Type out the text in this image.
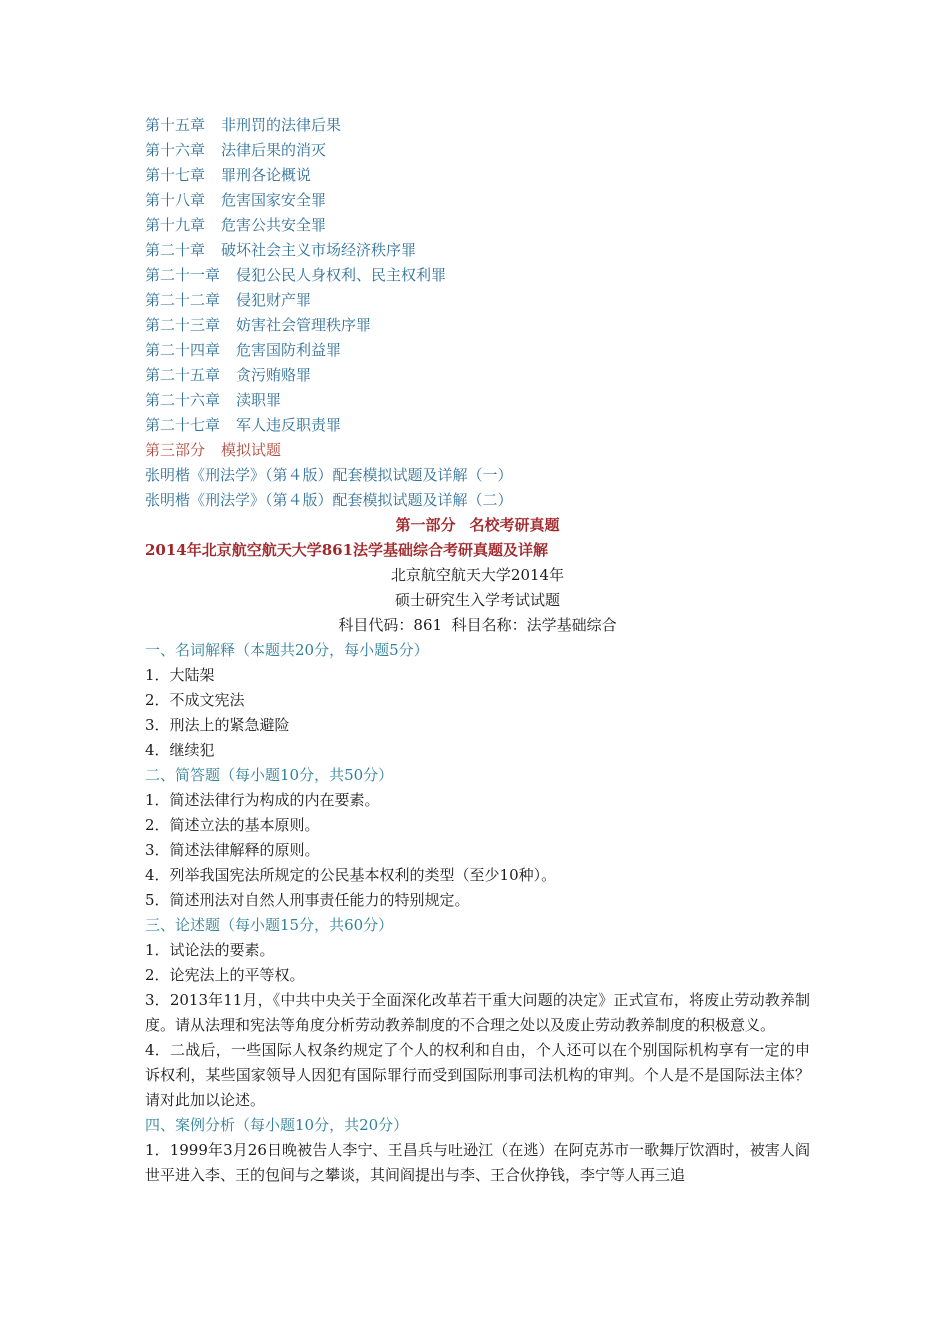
第十五章 非刑罚的法律后果
第十六章 法律后果的消灭
第十七章 罪刑各论概说
第十八章 危害国家安全罪
第十九章 危害公共安全罪
第二十章 破坏社会主义市场经济秩序罪
第二十一章 侵犯公民人身权利、民主权利罪
第二十二章 侵犯财产罪
第二十三章 妨害社会管理秩序罪
第二十四章 危害国防利益罪
第二十五章 贪污贿赂罪
第二十六章 渎职罪
第二十七章 军人违反职责罪
第三部分 模拟试题
张明楷《刑法学》（第４版）配套模拟试题及详解（一）
张明楷《刑法学》（第４版）配套模拟试题及详解（二）
第一部分 名校考研真题
2014年北京航空航天大学861法学基础综合考研真题及详解
北京航空航天大学2014年
硕士研究生入学考试试题
科目代码：861  科目名称：法学基础综合
一、名词解释（本题共20分，每小题5分）
1．大陆架
2．不成文宪法
3．刑法上的紧急避险
4．继续犯
二、简答题（每小题10分，共50分）
1．简述法律行为构成的内在要素。
2．简述立法的基本原则。
3．简述法律解释的原则。
4．列举我国宪法所规定的公民基本权利的类型（至少10种）。
5．简述刑法对自然人刑事责任能力的特别规定。
三、论述题（每小题15分，共60分）
1．试论法的要素。
2．论宪法上的平等权。
3．2013年11月，《中共中央关于全面深化改革若干重大问题的决定》正式宣布，将废止劳动教养制度。请从法理和宪法等角度分析劳动教养制度的不合理之处以及废止劳动教养制度的积极意义。
4．二战后，一些国际人权条约规定了个人的权利和自由，个人还可以在个别国际机构享有一定的申诉权利，某些国家领导人因犯有国际罪行而受到国际刑事司法机构的审判。个人是不是国际法主体？请对此加以论述。
四、案例分析（每小题10分，共20分）
1．1999年3月26日晚被告人李宁、王昌兵与吐逊江（在逃）在阿克苏市一歌舞厅饮酒时，被害人阎世平进入李、王的包间与之攀谈，其间阎提出与李、王合伙挣钱，李宁等人再三追
